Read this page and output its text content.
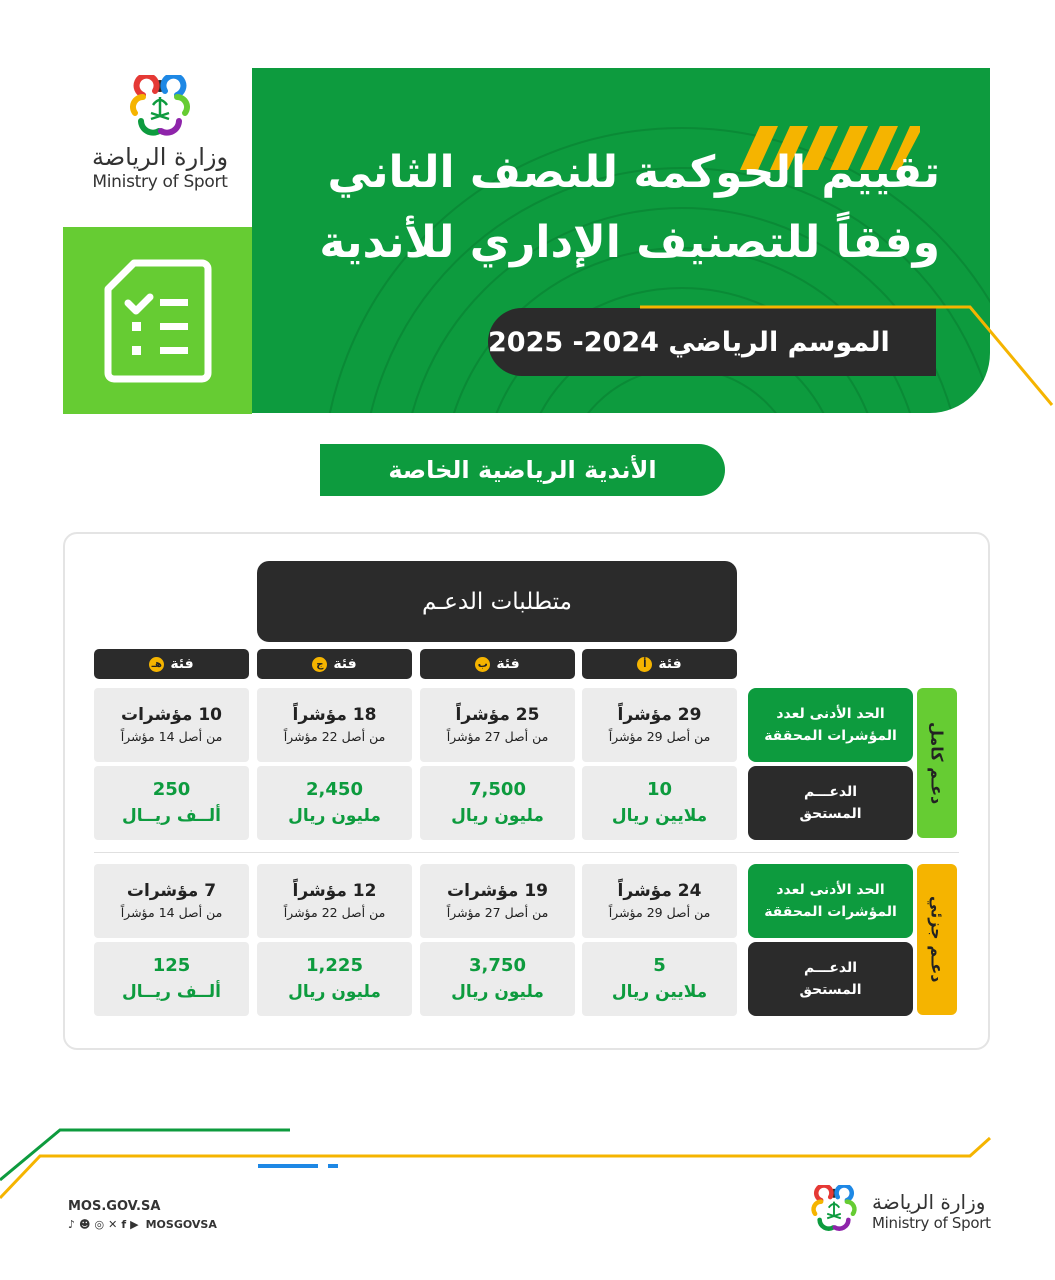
وزارة الرياضة
Ministry of Sport	تقييم الحوكمة للنصف الثاني
وفقاً للتصنيف الإداري للأندية
الموسم الرياضي 2024- 2025
الأندية الرياضية الخاصة
متطلبات الدعـم
فئة
أ
فئة
ب
فئة
ج
فئة
هـ
دعـم كامل
الحد الأدنى لعدد
المؤشرات المحققة
الدعـــم
المستحق
29 مؤشراً
من أصل 29 مؤشراً
25 مؤشراً
من أصل 27 مؤشراً
18 مؤشراً
من أصل 22 مؤشراً
10 مؤشرات
من أصل 14 مؤشراً
10
ملايين ريال
7,500
مليون ريال
2,450
مليون ريال
250
ألــف ريــال
دعـم جزئي
الحد الأدنى لعدد
المؤشرات المحققة
الدعـــم
المستحق
24 مؤشراً
من أصل 29 مؤشراً
19 مؤشرات
من أصل 27 مؤشراً
12 مؤشراً
من أصل 22 مؤشراً
7 مؤشرات
من أصل 14 مؤشراً
5
ملايين ريال
3,750
مليون ريال
1,225
مليون ريال
125
ألــف ريــال
MOS.GOV.SA
♪ ☻ ◎ ✕ f ▶ MOSGOVSA
وزارة الرياضة
Ministry of Sport
